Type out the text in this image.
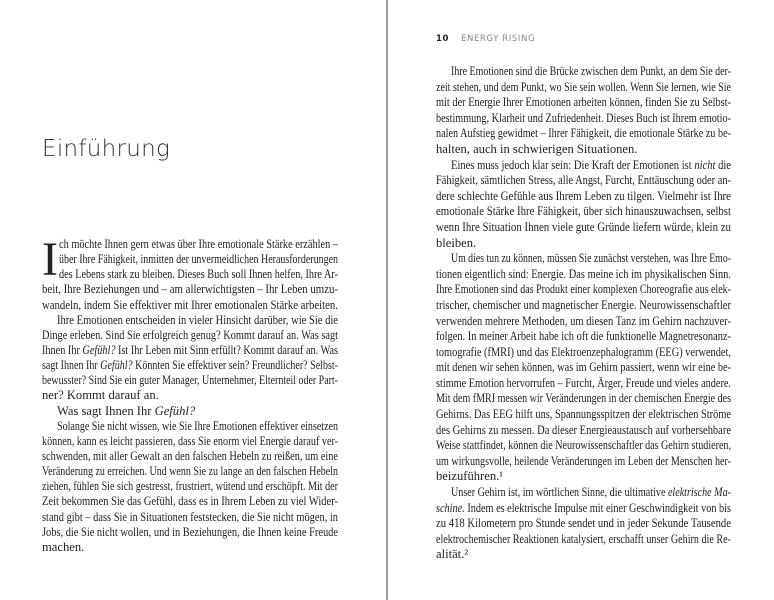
Einführung
I ch möchte Ihnen gern etwas über Ihre emotionale Stärke erzählen –
über Ihre Fähigkeit, inmitten der unvermeidlichen Herausforderungen
des Lebens stark zu bleiben. Dieses Buch soll Ihnen helfen, Ihre Ar-
beit, Ihre Beziehungen und – am allerwichtigsten – Ihr Leben umzu-
wandeln, indem Sie effektiver mit Ihrer emotionalen Stärke arbeiten.
Ihre Emotionen entscheiden in vieler Hinsicht darüber, wie Sie die
Dinge erleben. Sind Sie erfolgreich genug? Kommt darauf an. Was sagt
Ihnen Ihr Gefühl? Ist Ihr Leben mit Sinn erfüllt? Kommt darauf an. Was
sagt Ihnen Ihr Gefühl? Könnten Sie effektiver sein? Freundlicher? Selbst-
bewusster? Sind Sie ein guter Manager, Unternehmer, Elternteil oder Part-
ner? Kommt darauf an.
Was sagt Ihnen Ihr Gefühl?
Solange Sie nicht wissen, wie Sie Ihre Emotionen effektiver einsetzen
können, kann es leicht passieren, dass Sie enorm viel Energie darauf ver-
schwenden, mit aller Gewalt an den falschen Hebeln zu reißen, um eine
Veränderung zu erreichen. Und wenn Sie zu lange an den falschen Hebeln
ziehen, fühlen Sie sich gestresst, frustriert, wütend und erschöpft. Mit der
Zeit bekommen Sie das Gefühl, dass es in Ihrem Leben zu viel Wider-
stand gibt – dass Sie in Situationen feststecken, die Sie nicht mögen, in
Jobs, die Sie nicht wollen, und in Beziehungen, die Ihnen keine Freude
machen.
10 ENERGY RISING
Ihre Emotionen sind die Brücke zwischen dem Punkt, an dem Sie der-
zeit stehen, und dem Punkt, wo Sie sein wollen. Wenn Sie lernen, wie Sie
mit der Energie Ihrer Emotionen arbeiten können, finden Sie zu Selbst-
bestimmung, Klarheit und Zufriedenheit. Dieses Buch ist Ihrem emotio-
nalen Aufstieg gewidmet – Ihrer Fähigkeit, die emotionale Stärke zu be-
halten, auch in schwierigen Situationen.
Eines muss jedoch klar sein: Die Kraft der Emotionen ist nicht die
Fähigkeit, sämtlichen Stress, alle Angst, Furcht, Enttäuschung oder an-
dere schlechte Gefühle aus Ihrem Leben zu tilgen. Vielmehr ist Ihre
emotionale Stärke Ihre Fähigkeit, über sich hinauszuwachsen, selbst
wenn Ihre Situation Ihnen viele gute Gründe liefern würde, klein zu
bleiben.
Um dies tun zu können, müssen Sie zunächst verstehen, was Ihre Emo-
tionen eigentlich sind: Energie. Das meine ich im physikalischen Sinn.
Ihre Emotionen sind das Produkt einer komplexen Choreografie aus elek-
trischer, chemischer und magnetischer Energie. Neurowissenschaftler
verwenden mehrere Methoden, um diesen Tanz im Gehirn nachzuver-
folgen. In meiner Arbeit habe ich oft die funktionelle Magnetresonanz-
tomografie (fMRI) und das Elektroenzephalogramm (EEG) verwendet,
mit denen wir sehen können, was im Gehirn passiert, wenn wir eine be-
stimme Emotion hervorrufen – Furcht, Ärger, Freude und vieles andere.
Mit dem fMRI messen wir Veränderungen in der chemischen Energie des
Gehirns. Das EEG hilft uns, Spannungsspitzen der elektrischen Ströme
des Gehirns zu messen. Da dieser Energieaustausch auf vorhersehbare
Weise stattfindet, können die Neurowissenschaftler das Gehirn studieren,
um wirkungsvolle, heilende Veränderungen im Leben der Menschen her-
beizuführen.¹
Unser Gehirn ist, im wörtlichen Sinne, die ultimative elektrische Ma-
schine. Indem es elektrische Impulse mit einer Geschwindigkeit von bis
zu 418 Kilometern pro Stunde sendet und in jeder Sekunde Tausende
elektrochemischer Reaktionen katalysiert, erschafft unser Gehirn die Re-
alität.²
